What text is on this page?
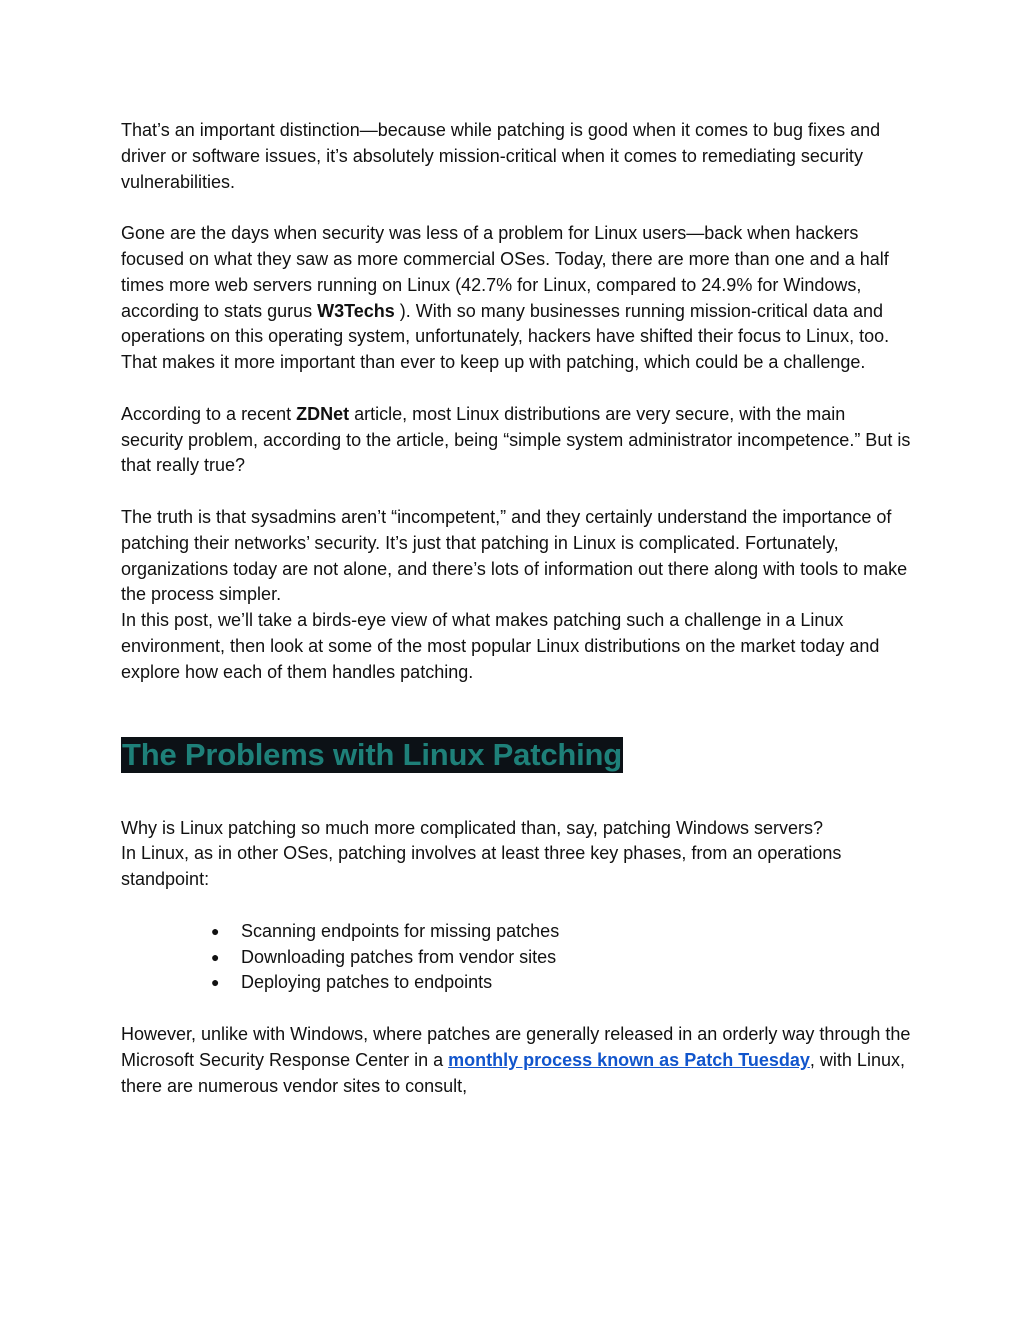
That’s an important distinction—because while patching is good when it comes to bug fixes and driver or software issues, it’s absolutely mission-critical when it comes to remediating security vulnerabilities.

Gone are the days when security was less of a problem for Linux users—back when hackers focused on what they saw as more commercial OSes. Today, there are more than one and a half times more web servers running on Linux (42.7% for Linux, compared to 24.9% for Windows, according to stats gurus W3Techs ). With so many businesses running mission-critical data and operations on this operating system, unfortunately, hackers have shifted their focus to Linux, too.

That makes it more important than ever to keep up with patching, which could be a challenge.

According to a recent ZDNet article, most Linux distributions are very secure, with the main security problem, according to the article, being “simple system administrator incompetence.” But is that really true?

The truth is that sysadmins aren’t “incompetent,” and they certainly understand the importance of patching their networks’ security. It’s just that patching in Linux is complicated. Fortunately, organizations today are not alone, and there’s lots of information out there along with tools to make the process simpler.

In this post, we’ll take a birds-eye view of what makes patching such a challenge in a Linux environment, then look at some of the most popular Linux distributions on the market today and explore how each of them handles patching.

The Problems with Linux Patching

Why is Linux patching so much more complicated than, say, patching Windows servers?

In Linux, as in other OSes, patching involves at least three key phases, from an operations standpoint:

● Scanning endpoints for missing patches
● Downloading patches from vendor sites
● Deploying patches to endpoints

However, unlike with Windows, where patches are generally released in an orderly way through the Microsoft Security Response Center in a monthly process known as Patch Tuesday, with Linux, there are numerous vendor sites to consult,
